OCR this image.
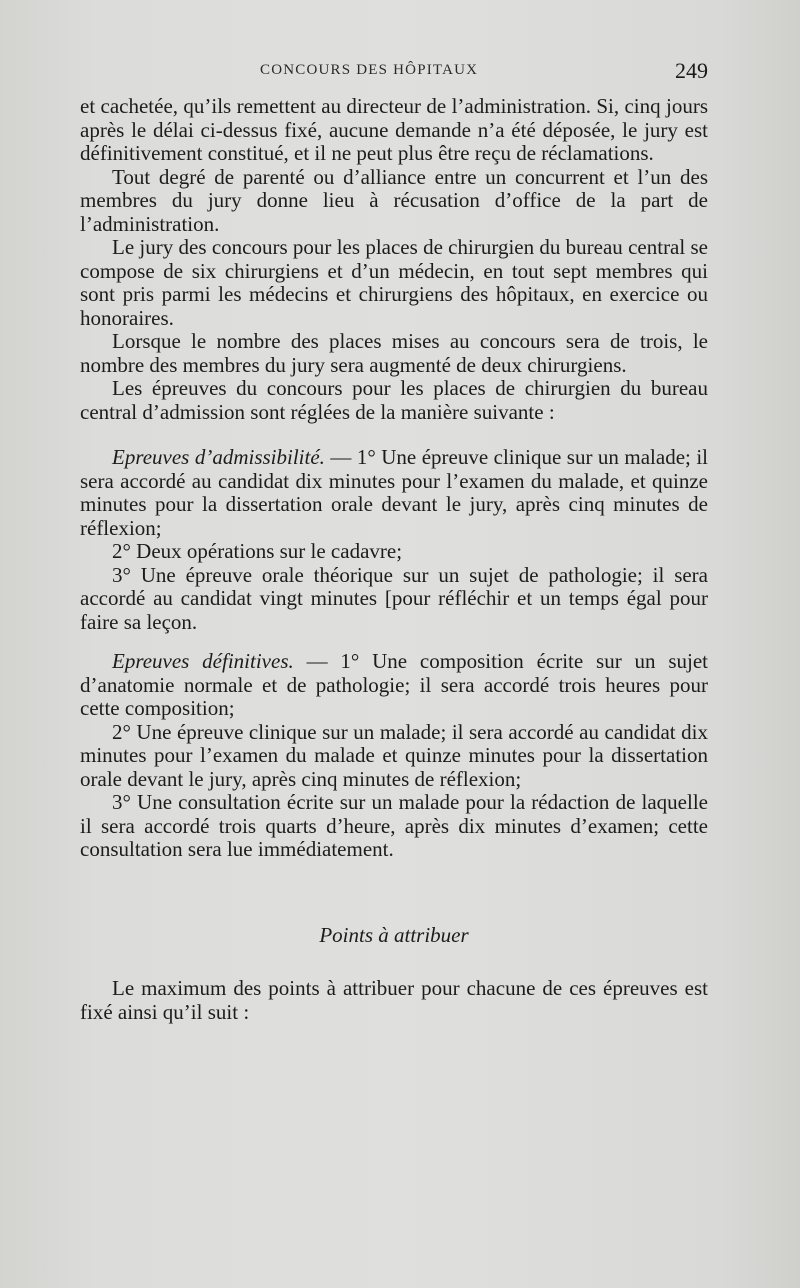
CONCOURS DES HÔPITAUX	249

et cachetée, qu’ils remettent au directeur de l’administration. Si, cinq jours après le délai ci-dessus fixé, aucune demande n’a été déposée, le jury est définitivement constitué, et il ne peut plus être reçu de réclamations.

Tout degré de parenté ou d’alliance entre un concurrent et l’un des membres du jury donne lieu à récusation d’office de la part de l’administration.

Le jury des concours pour les places de chirurgien du bureau central se compose de six chirurgiens et d’un médecin, en tout sept membres qui sont pris parmi les médecins et chirurgiens des hôpitaux, en exercice ou honoraires.

Lorsque le nombre des places mises au concours sera de trois, le nombre des membres du jury sera augmenté de deux chirurgiens.

Les épreuves du concours pour les places de chirurgien du bureau central d’admission sont réglées de la manière suivante :

Epreuves d’admissibilité. — 1° Une épreuve clinique sur un malade; il sera accordé au candidat dix minutes pour l’examen du malade, et quinze minutes pour la dissertation orale devant le jury, après cinq minutes de réflexion;

2° Deux opérations sur le cadavre;

3° Une épreuve orale théorique sur un sujet de pathologie; il sera accordé au candidat vingt minutes [pour réfléchir et un temps égal pour faire sa leçon.

Epreuves définitives. — 1° Une composition écrite sur un sujet d’anatomie normale et de pathologie; il sera accordé trois heures pour cette composition;

2° Une épreuve clinique sur un malade; il sera accordé au candidat dix minutes pour l’examen du malade et quinze minutes pour la dissertation orale devant le jury, après cinq minutes de réflexion;

3° Une consultation écrite sur un malade pour la rédaction de laquelle il sera accordé trois quarts d’heure, après dix minutes d’examen; cette consultation sera lue immédiatement.

Points à attribuer

Le maximum des points à attribuer pour chacune de ces épreuves est fixé ainsi qu’il suit :
